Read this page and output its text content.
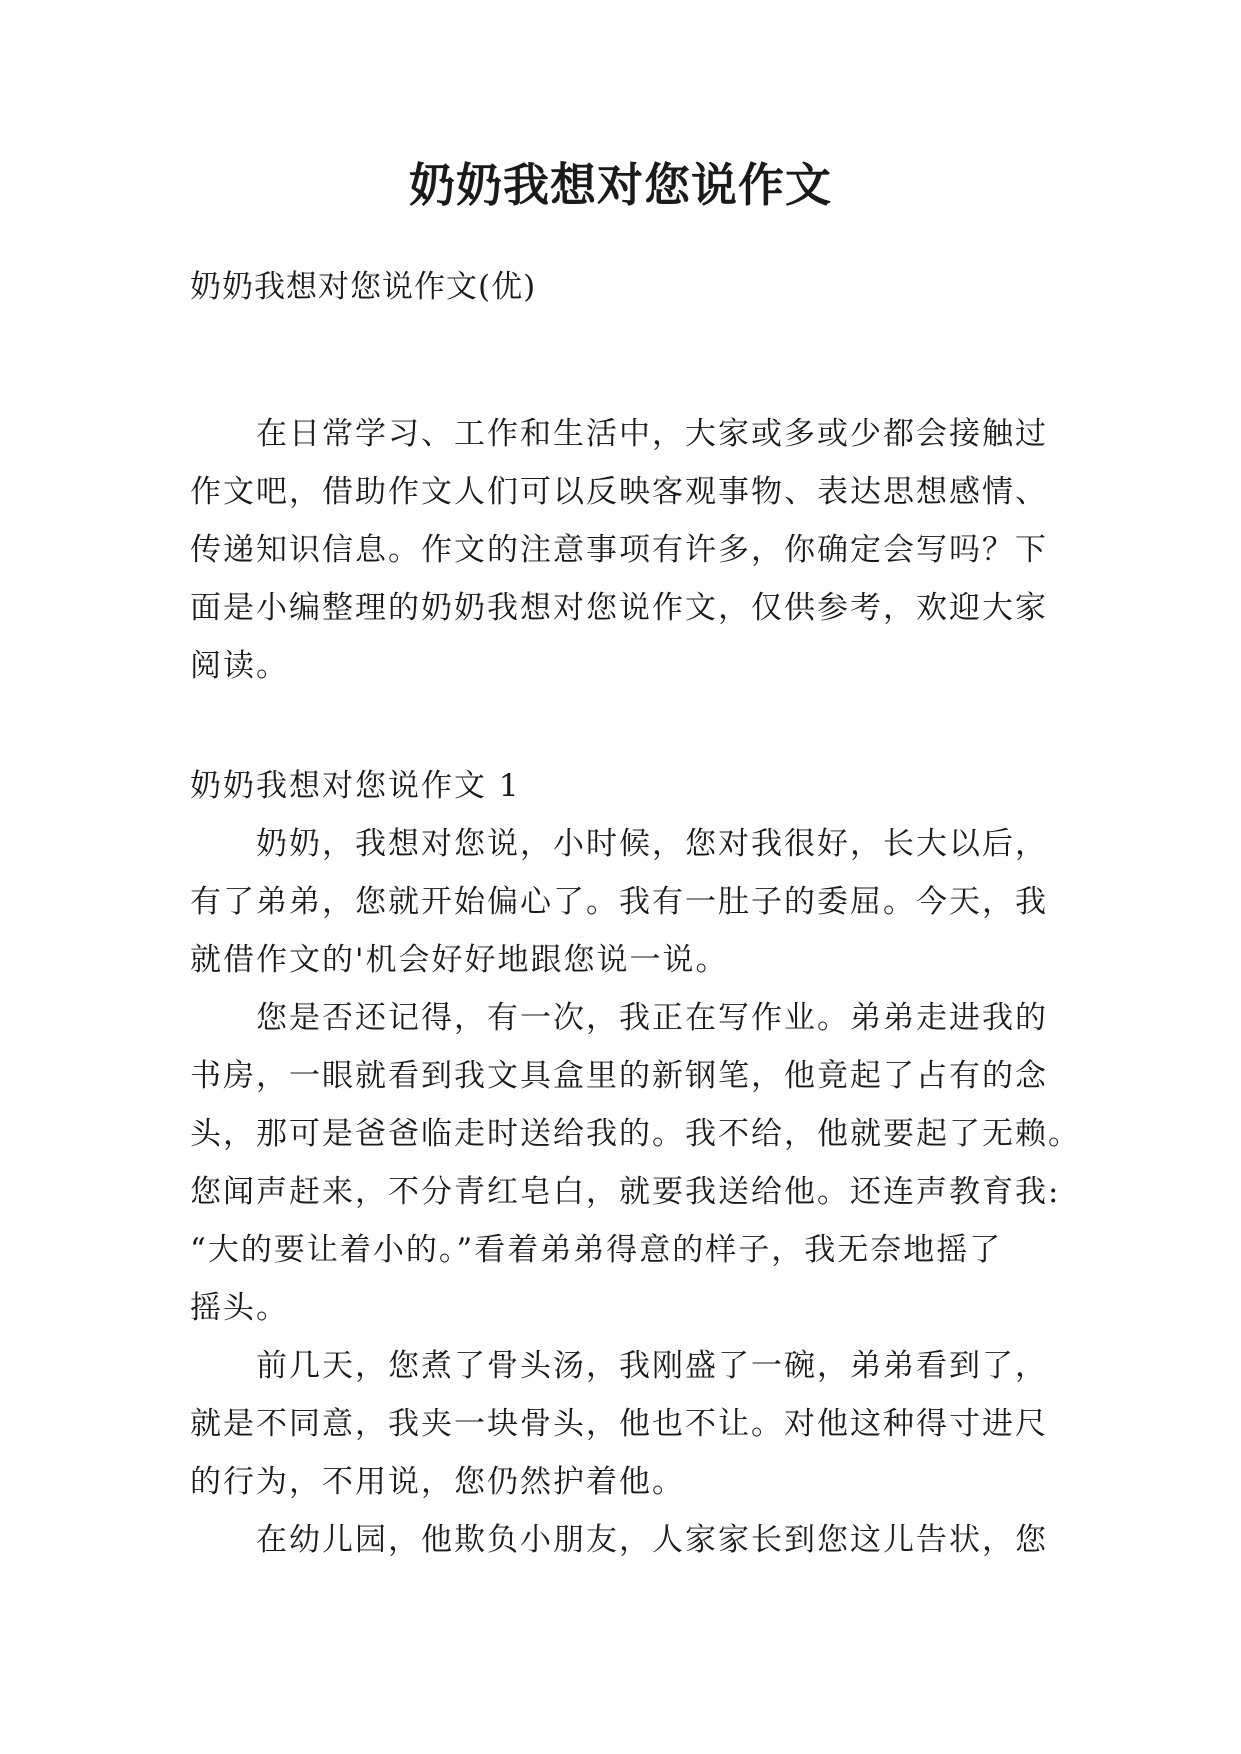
奶奶我想对您说作文
奶奶我想对您说作文(优)
在日常学习、工作和生活中，大家或多或少都会接触过
作文吧，借助作文人们可以反映客观事物、表达思想感情、
传递知识信息。作文的注意事项有许多，你确定会写吗？下
面是小编整理的奶奶我想对您说作文，仅供参考，欢迎大家
阅读。
奶奶我想对您说作文 1
奶奶，我想对您说，小时候，您对我很好，长大以后，
有了弟弟，您就开始偏心了。我有一肚子的委屈。今天，我
就借作文的'机会好好地跟您说一说。
您是否还记得，有一次，我正在写作业。弟弟走进我的
书房，一眼就看到我文具盒里的新钢笔，他竟起了占有的念
头，那可是爸爸临走时送给我的。我不给，他就要起了无赖。
您闻声赶来，不分青红皂白，就要我送给他。还连声教育我:
“大的要让着小的。”看着弟弟得意的样子，我无奈地摇了
摇头。
前几天，您煮了骨头汤，我刚盛了一碗，弟弟看到了，
就是不同意，我夹一块骨头，他也不让。对他这种得寸进尺
的行为，不用说，您仍然护着他。
在幼儿园，他欺负小朋友，人家家长到您这儿告状，您
